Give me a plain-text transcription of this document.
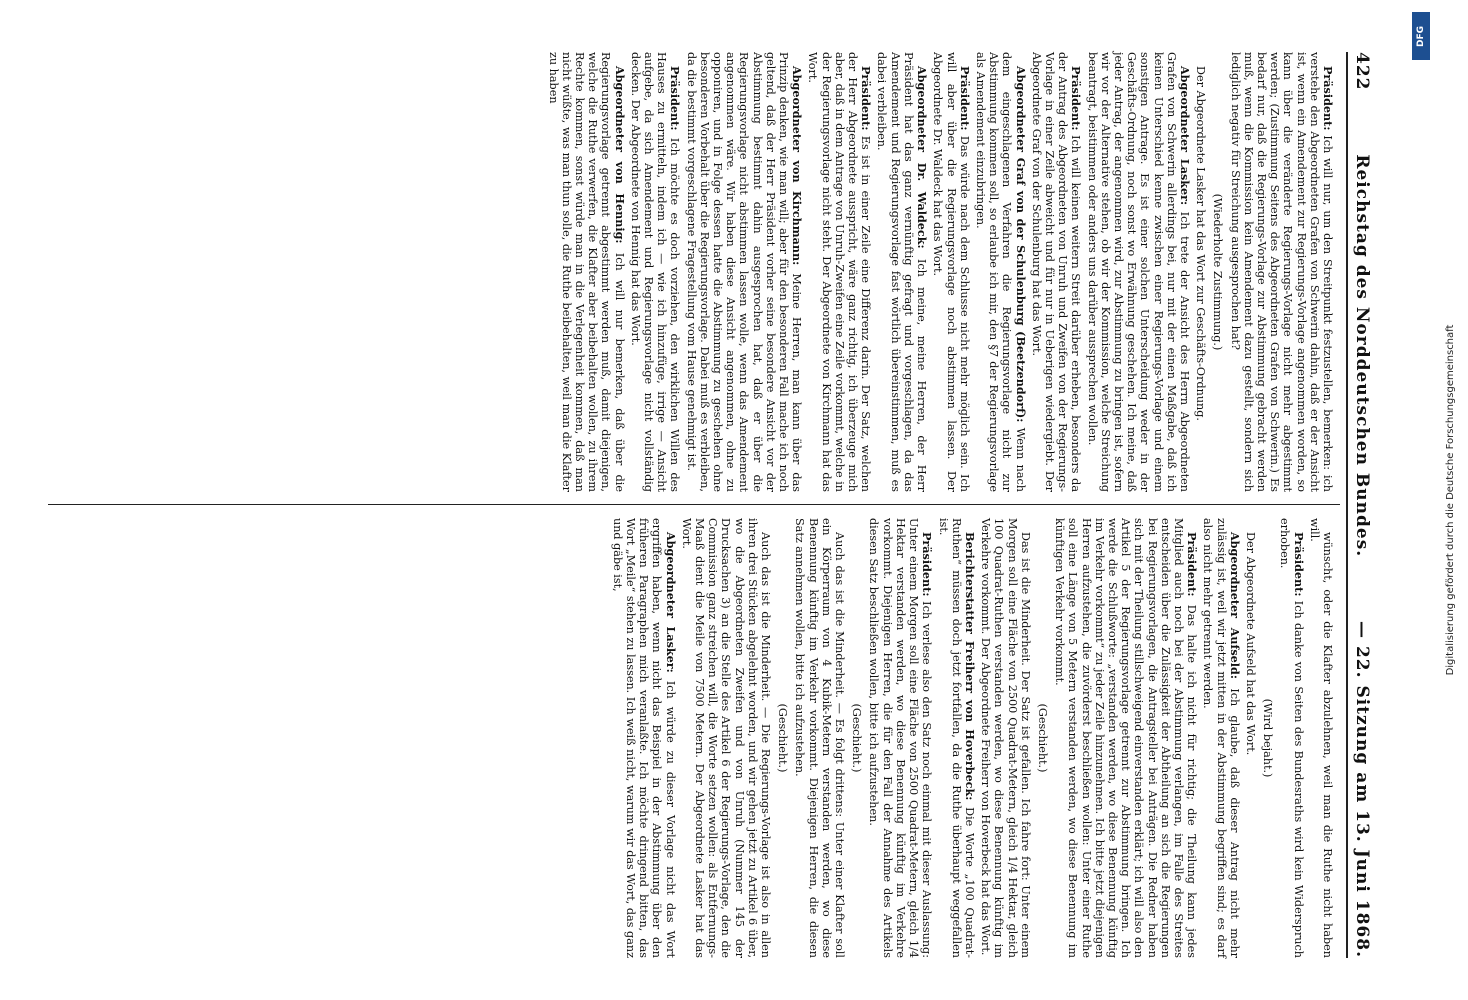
422
Reichstag des Norddeutschen Bundes.
— 22. Sitzung am 13. Juni 1868.

Präsident: Ich will nur, um den Streitpunkt festzustellen, bemerken: ich verstehe den Abgeordneten Grafen von Schwerin dahin, daß er der Ansicht ist, wenn ein Amendement zur Regierungs-Vorlage angenommen worden, so kann über die veränderte Regierungs-Vorlage nicht mehr abgestimmt werden; (Zustimmung Seitens des Abgeordneten Grafen von Schwerin.) Es bedarf nur, daß die Regierungs-Vorlage zur Abstimmung gebracht werden muß, wenn die Kommission kein Amendement dazu gestellt, sondern sich lediglich negativ für Streichung ausgesprochen hat?

(Wiederholte Zustimmung.)

Der Abgeordnete Lasker hat das Wort zur Geschäfts-Ordnung.

Abgeordneter Lasker: Ich trete der Ansicht des Herrn Abgeordneten Grafen von Schwerin allerdings bei, nur mit der einen Maßgabe, daß ich keinen Unterschied kenne zwischen einer Regierungs-Vorlage und einem sonstigen Antrage. Es ist einer solchen Unterscheidung weder in der Geschäfts-Ordnung, noch sonst wo Erwähnung geschehen. Ich meine, daß jeder Antrag, der angenommen wird, zur Abstimmung zu bringen ist, sofern wir vor der Alternative stehen, ob wir der Kommission, welche Streichung beantragt, beistimmen oder anders uns darüber aussprechen wollen.

Präsident: Ich will keinen weitern Streit darüber erheben, besonders da der Antrag des Abgeordneten von Unruh und Zweifen von der Regierungs-Vorlage in einer Zeile abweicht und für nur in Ueberigen wiedergiebt. Der Abgeordnete Graf von der Schulenburg hat das Wort.

Abgeordneter Graf von der Schulenburg (Beetzendorf): Wenn nach dem eingeschlagenen Verfahren die Regierungsvorlage nicht zur Abstimmung kommen soll, so erlaube ich mir, den §7 der Regierungsvorlage als Amendement einzubringen.

Präsident: Das würde nach dem Schlusse nicht mehr möglich sein. Ich will aber über die Regierungsvorlage noch abstimmen lassen. Der Abgeordnete Dr. Waldeck hat das Wort.

Abgeordneter Dr. Waldeck: Ich meine, meine Herren, der Herr Präsident hat das ganz vernünftig gefragt und vorgeschlagen, da das Amendement und Regierungsvorlage fast wörtlich übereinstimmen, muß es dabei verbleiben.

Präsident: Es ist in einer Zeile eine Differenz darin. Der Satz, welchen der Herr Abgeordnete ausspricht, wäre ganz richtig, ich überzeuge mich aber, daß in dem Antrage von Unruh-Zweifen eine Zeile vorkommt, welche in der Regierungsvorlage nicht steht. Der Abgeordnete von Kirchmann hat das Wort.

Abgeordneter von Kirchmann: Meine Herren, man kann über das Prinzip denken, wie man will; aber für den besonderen Fall mache ich noch geltend, daß der Herr Präsident vorher seine besondere Ansicht vor der Abstimmung bestimmt dahin ausgesprochen hat, daß er über die Regierungsvorlage nicht abstimmen lassen wolle, wenn das Amendement angenommen wäre. Wir haben diese Ansicht angenommen, ohne zu opponiren, und in Folge dessen hatte die Abstimmung zu geschehen ohne besonderen Vorbehalt über die Regierungsvorlage. Dabei muß es verbleiben, da die bestimmt vorgeschlagene Fragestellung vom Hause genehmigt ist.

Präsident: Ich möchte es doch vorziehen, den wirklichen Willen des Hauses zu ermitteln, indem ich — wie ich hinzufüge, irrige — Ansicht aufgebe, da sich Amendement und Regierungsvorlage nicht vollständig decken. Der Abgeordnete von Hennig hat das Wort.

Abgeordneter von Hennig: Ich will nur bemerken, daß über die Regierungsvorlage getrennt abgestimmt werden muß, damit diejenigen, welche die Ruthe verwerfen, die Klafter aber beibehalten wollen, zu ihrem Rechte kommen, sonst würde man in die Verlegenheit kommen, daß man nicht wüßte, was man thun solle, die Ruthe beibehalten, weil man die Klafter zu haben

wünscht, oder die Klafter abzulehnen, weil man die Ruthe nicht haben will.

Präsident: Ich danke von Seiten des Bundesraths wird kein Widerspruch erhoben.

(Wird bejaht.)

Der Abgeordnete Aufseld hat das Wort.

Abgeordneter Aufseld: Ich glaube, daß dieser Antrag nicht mehr zulässig ist, weil wir jetzt mitten in der Abstimmung begriffen sind; es darf also nicht mehr getrennt werden.

Präsident: Das halte ich nicht für richtig; die Theilung kann jedes Mitglied auch noch bei der Abstimmung verlangen, im Falle des Streites entscheiden über die Zulässigkeit der Abtheilung an sich die Regierungen bei Regierungsvorlagen, die Antragsteller bei Anträgen. Die Redner haben sich mit der Theilung stillschweigend einverstanden erklärt; ich will also den Artikel 5 der Regierungsvorlage getrennt zur Abstimmung bringen. Ich werde die Schlußworte: „verstanden werden, wo diese Benennung künftig im Verkehr vorkommt“ zu jeder Zeile hinzunehmen. Ich bitte jetzt diejenigen Herren aufzustehen, die zuvörderst beschließen wollen: Unter einer Ruthe soll eine Länge von 5 Metern verstanden werden, wo diese Benennung im künftigen Verkehr vorkommt.

(Geschieht.)

Das ist die Minderheit. Der Satz ist gefallen. Ich fahre fort: Unter einem Morgen soll eine Fläche von 2500 Quadrat-Metern, gleich 1/4 Hektar, gleich 100 Quadrat-Ruthen verstanden werden, wo diese Benennung künftig im Verkehre vorkommt. Der Abgeordnete Freiherr von Hoverbeck hat das Wort.

Berichterstatter Freiherr von Hoverbeck: Die Worte „100 Quadrat-Ruthen“ müssen doch jetzt fortfallen, da die Ruthe überhaupt weggefallen ist.

Präsident: Ich verlese also den Satz noch einmal mit dieser Auslassung: Unter einem Morgen soll eine Fläche von 2500 Quadrat-Metern, gleich 1/4 Hektar verstanden werden, wo diese Benennung künftig im Verkehre vorkommt. Diejenigen Herren, die für den Fall der Annahme des Artikels diesen Satz beschließen wollen, bitte ich aufzustehen.

(Geschieht.)

Auch das ist die Minderheit. — Es folgt drittens: Unter einer Klafter soll ein Körperraum von 4 Kubik-Metern verstanden werden, wo diese Benennung künftig im Verkehr vorkommt. Diejenigen Herren, die diesen Satz annehmen wollen, bitte ich aufzustehen.

(Geschieht.)

Auch das ist die Minderheit. — Die Regierungs-Vorlage ist also in allen ihren drei Stücken abgelehnt worden, und wir gehen jetzt zu Artikel 6 über, wo die Abgeordneten Zweifen und von Unruh (Nummer 145 der Drucksachen 3) an die Stelle des Artikel 6 der Regierungs-Vorlage, den die Commission ganz streichen will, die Worte setzen wollen: als Entfernungs-Maaß dient die Meile von 7500 Metern. Der Abgeordnete Lasker hat das Wort.

Abgeordneter Lasker: Ich würde zu dieser Vorlage nicht das Wort ergriffen haben, wenn nicht das Beispiel in der Abstimmung über den früheren Paragraphen mich veranlaßte. Ich möchte dringend bitten, das Wort „Meile“ stehen zu lassen. Ich weiß nicht, warum wir das Wort, das ganz und gäbe ist,	Digitalisierung gefördert durch die Deutsche Forschungsgemeinschaft
DFG
